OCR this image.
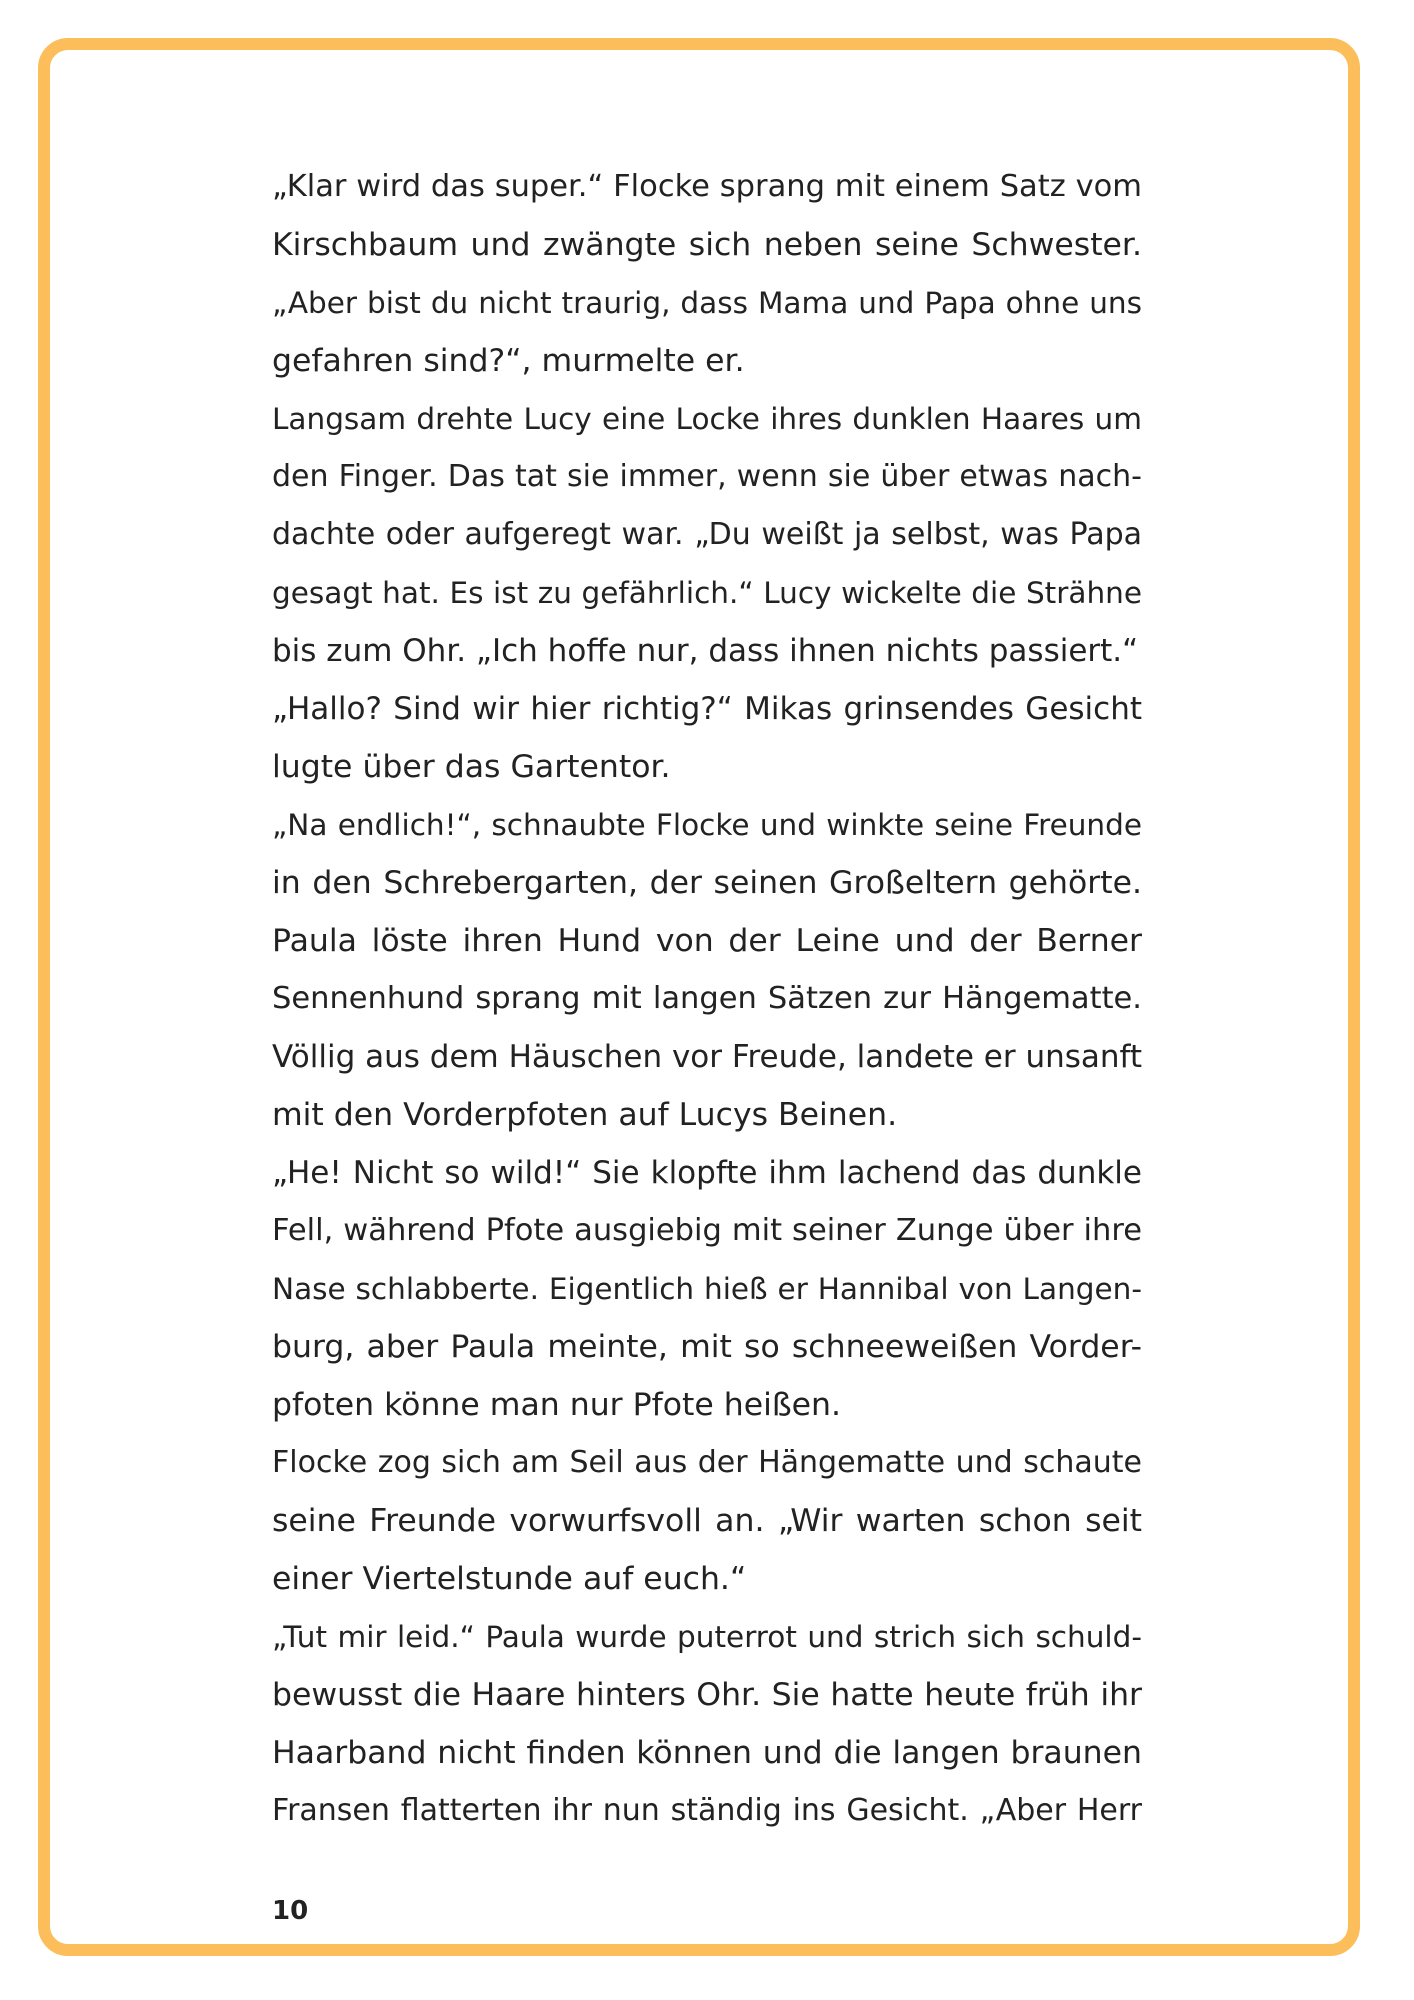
„Klar wird das super.“ Flocke sprang mit einem Satz vom
Kirschbaum und zwängte sich neben seine Schwester.
„Aber bist du nicht traurig, dass Mama und Papa ohne uns
gefahren sind?“, murmelte er.
Langsam drehte Lucy eine Locke ihres dunklen Haares um
den Finger. Das tat sie immer, wenn sie über etwas nach-
dachte oder aufgeregt war. „Du weißt ja selbst, was Papa
gesagt hat. Es ist zu gefährlich.“ Lucy wickelte die Strähne
bis zum Ohr. „Ich hoffe nur, dass ihnen nichts passiert.“
„Hallo? Sind wir hier richtig?“ Mikas grinsendes Gesicht
lugte über das Gartentor.
„Na endlich!“, schnaubte Flocke und winkte seine Freunde
in den Schrebergarten, der seinen Großeltern gehörte.
Paula löste ihren Hund von der Leine und der Berner
Sennenhund sprang mit langen Sätzen zur Hängematte.
Völlig aus dem Häuschen vor Freude, landete er unsanft
mit den Vorderpfoten auf Lucys Beinen.
„He! Nicht so wild!“ Sie klopfte ihm lachend das dunkle
Fell, während Pfote ausgiebig mit seiner Zunge über ihre
Nase schlabberte. Eigentlich hieß er Hannibal von Langen-
burg, aber Paula meinte, mit so schneeweißen Vorder-
pfoten könne man nur Pfote heißen.
Flocke zog sich am Seil aus der Hängematte und schaute
seine Freunde vorwurfsvoll an. „Wir warten schon seit
einer Viertelstunde auf euch.“
„Tut mir leid.“ Paula wurde puterrot und strich sich schuld-
bewusst die Haare hinters Ohr. Sie hatte heute früh ihr
Haarband nicht finden können und die langen braunen
Fransen flatterten ihr nun ständig ins Gesicht. „Aber Herr
10
